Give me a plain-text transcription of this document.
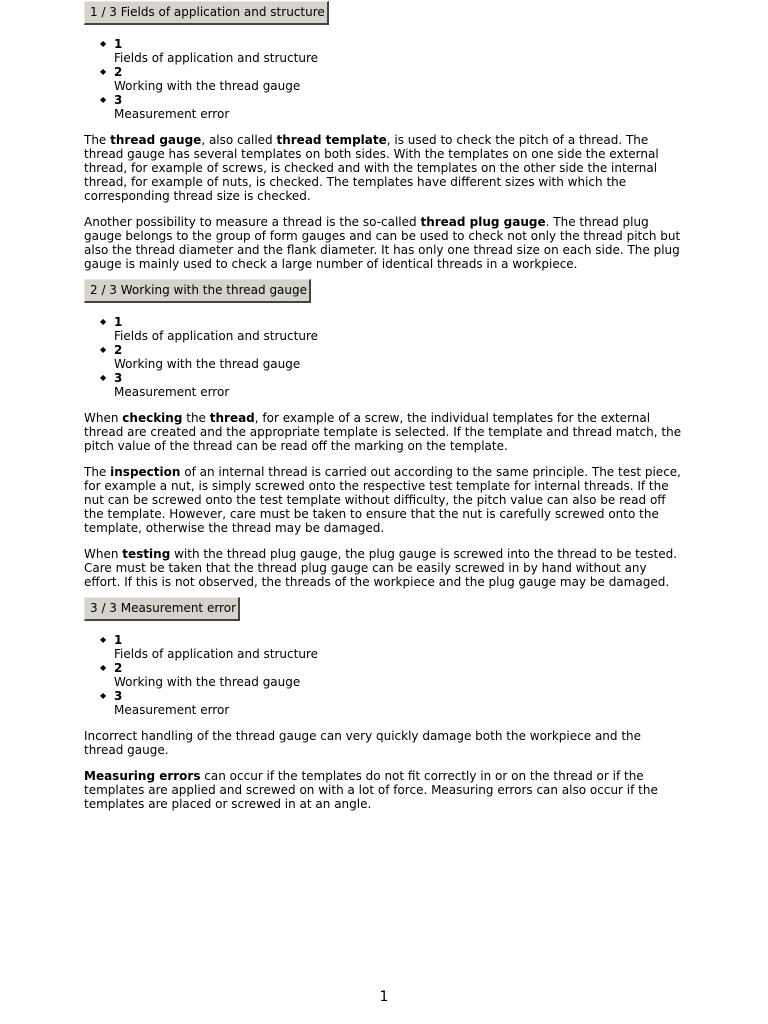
1 / 3 Fields of application and structure
◆ 1
Fields of application and structure
◆ 2
Working with the thread gauge
◆ 3
Measurement error

The thread gauge, also called thread template, is used to check the pitch of a thread. The thread gauge has several templates on both sides. With the templates on one side the external thread, for example of screws, is checked and with the templates on the other side the internal thread, for example of nuts, is checked. The templates have different sizes with which the corresponding thread size is checked.

Another possibility to measure a thread is the so-called thread plug gauge. The thread plug gauge belongs to the group of form gauges and can be used to check not only the thread pitch but also the thread diameter and the flank diameter. It has only one thread size on each side. The plug gauge is mainly used to check a large number of identical threads in a workpiece.

2 / 3 Working with the thread gauge
◆ 1
Fields of application and structure
◆ 2
Working with the thread gauge
◆ 3
Measurement error

When checking the thread, for example of a screw, the individual templates for the external thread are created and the appropriate template is selected. If the template and thread match, the pitch value of the thread can be read off the marking on the template.

The inspection of an internal thread is carried out according to the same principle. The test piece, for example a nut, is simply screwed onto the respective test template for internal threads. If the nut can be screwed onto the test template without difficulty, the pitch value can also be read off the template. However, care must be taken to ensure that the nut is carefully screwed onto the template, otherwise the thread may be damaged.

When testing with the thread plug gauge, the plug gauge is screwed into the thread to be tested. Care must be taken that the thread plug gauge can be easily screwed in by hand without any effort. If this is not observed, the threads of the workpiece and the plug gauge may be damaged.

3 / 3 Measurement error
◆ 1
Fields of application and structure
◆ 2
Working with the thread gauge
◆ 3
Measurement error

Incorrect handling of the thread gauge can very quickly damage both the workpiece and the thread gauge.

Measuring errors can occur if the templates do not fit correctly in or on the thread or if the templates are applied and screwed on with a lot of force. Measuring errors can also occur if the templates are placed or screwed in at an angle.

1
